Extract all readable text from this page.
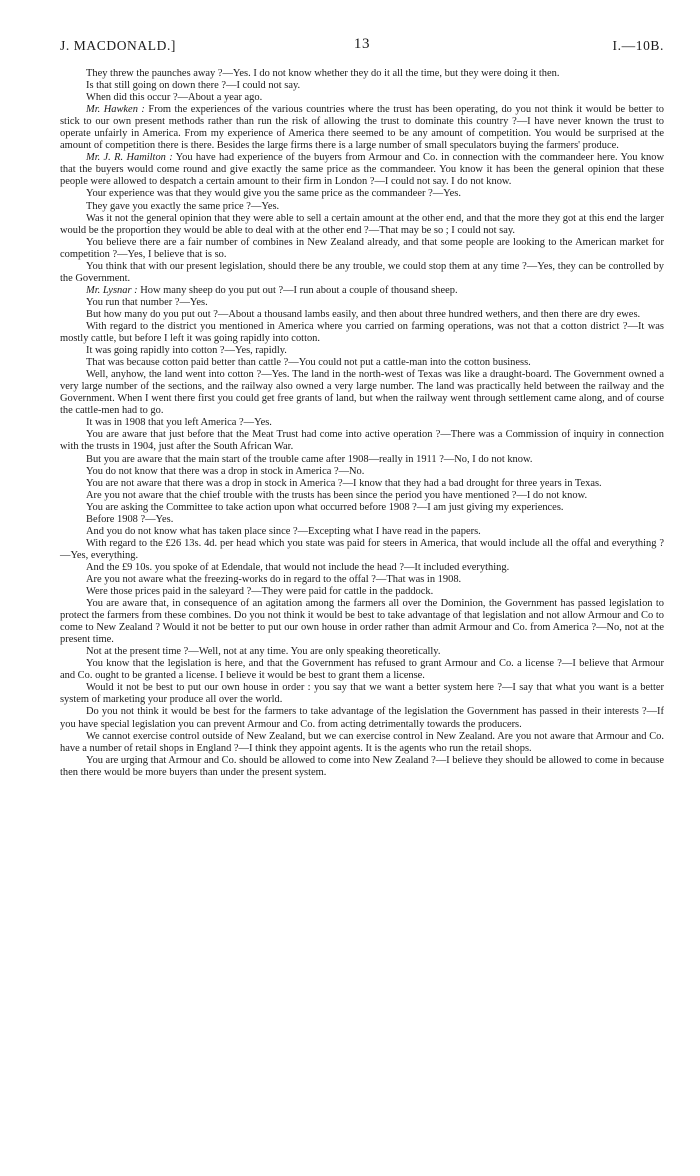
J. MACDONALD.]	13	I.—10B.

They threw the paunches away ?—Yes. I do not know whether they do it all the time, but they were doing it then.

Is that still going on down there ?—I could not say.

When did this occur ?—About a year ago.

Mr. Hawken : From the experiences of the various countries where the trust has been operating, do you not think it would be better to stick to our own present methods rather than run the risk of allowing the trust to dominate this country ?—I have never known the trust to operate unfairly in America. From my experience of America there seemed to be any amount of competition. You would be surprised at the amount of competition there is there. Besides the large firms there is a large number of small speculators buying the farmers' produce.

Mr. J. R. Hamilton : You have had experience of the buyers from Armour and Co. in connection with the commandeer here. You know that the buyers would come round and give exactly the same price as the commandeer. You know it has been the general opinion that these people were allowed to despatch a certain amount to their firm in London ?—I could not say. I do not know.

Your experience was that they would give you the same price as the commandeer ?—Yes.

They gave you exactly the same price ?—Yes.

Was it not the general opinion that they were able to sell a certain amount at the other end, and that the more they got at this end the larger would be the proportion they would be able to deal with at the other end ?—That may be so ; I could not say.

You believe there are a fair number of combines in New Zealand already, and that some people are looking to the American market for competition ?—Yes, I believe that is so.

You think that with our present legislation, should there be any trouble, we could stop them at any time ?—Yes, they can be controlled by the Government.

Mr. Lysnar : How many sheep do you put out ?—I run about a couple of thousand sheep.

You run that number ?—Yes.

But how many do you put out ?—About a thousand lambs easily, and then about three hundred wethers, and then there are dry ewes.

With regard to the district you mentioned in America where you carried on farming operations, was not that a cotton district ?—It was mostly cattle, but before I left it was going rapidly into cotton.

It was going rapidly into cotton ?—Yes, rapidly.

That was because cotton paid better than cattle ?—You could not put a cattle-man into the cotton business.

Well, anyhow, the land went into cotton ?—Yes. The land in the north-west of Texas was like a draught-board. The Government owned a very large number of the sections, and the railway also owned a very large number. The land was practically held between the railway and the Government. When I went there first you could get free grants of land, but when the railway went through settlement came along, and of course the cattle-men had to go.

It was in 1908 that you left America ?—Yes.

You are aware that just before that the Meat Trust had come into active operation ?—There was a Commission of inquiry in connection with the trusts in 1904, just after the South African War.

But you are aware that the main start of the trouble came after 1908—really in 1911 ?—No, I do not know.

You do not know that there was a drop in stock in America ?—No.

You are not aware that there was a drop in stock in America ?—I know that they had a bad drought for three years in Texas.

Are you not aware that the chief trouble with the trusts has been since the period you have mentioned ?—I do not know.

You are asking the Committee to take action upon what occurred before 1908 ?—I am just giving my experiences.

Before 1908 ?—Yes.

And you do not know what has taken place since ?—Excepting what I have read in the papers.

With regard to the £26 13s. 4d. per head which you state was paid for steers in America, that would include all the offal and everything ?—Yes, everything.

And the £9 10s. you spoke of at Edendale, that would not include the head ?—It included everything.

Are you not aware what the freezing-works do in regard to the offal ?—That was in 1908.

Were those prices paid in the saleyard ?—They were paid for cattle in the paddock.

You are aware that, in consequence of an agitation among the farmers all over the Dominion, the Government has passed legislation to protect the farmers from these combines. Do you not think it would be best to take advantage of that legislation and not allow Armour and Co to come to New Zealand ? Would it not be better to put our own house in order rather than admit Armour and Co. from America ?—No, not at the present time.

Not at the present time ?—Well, not at any time. You are only speaking theoretically.

You know that the legislation is here, and that the Government has refused to grant Armour and Co. a license ?—I believe that Armour and Co. ought to be granted a license. I believe it would be best to grant them a license.

Would it not be best to put our own house in order : you say that we want a better system here ?—I say that what you want is a better system of marketing your produce all over the world.

Do you not think it would be best for the farmers to take advantage of the legislation the Government has passed in their interests ?—If you have special legislation you can prevent Armour and Co. from acting detrimentally towards the producers.

We cannot exercise control outside of New Zealand, but we can exercise control in New Zealand. Are you not aware that Armour and Co. have a number of retail shops in England ?—I think they appoint agents. It is the agents who run the retail shops.

You are urging that Armour and Co. should be allowed to come into New Zealand ?—I believe they should be allowed to come in because then there would be more buyers than under the present system.
